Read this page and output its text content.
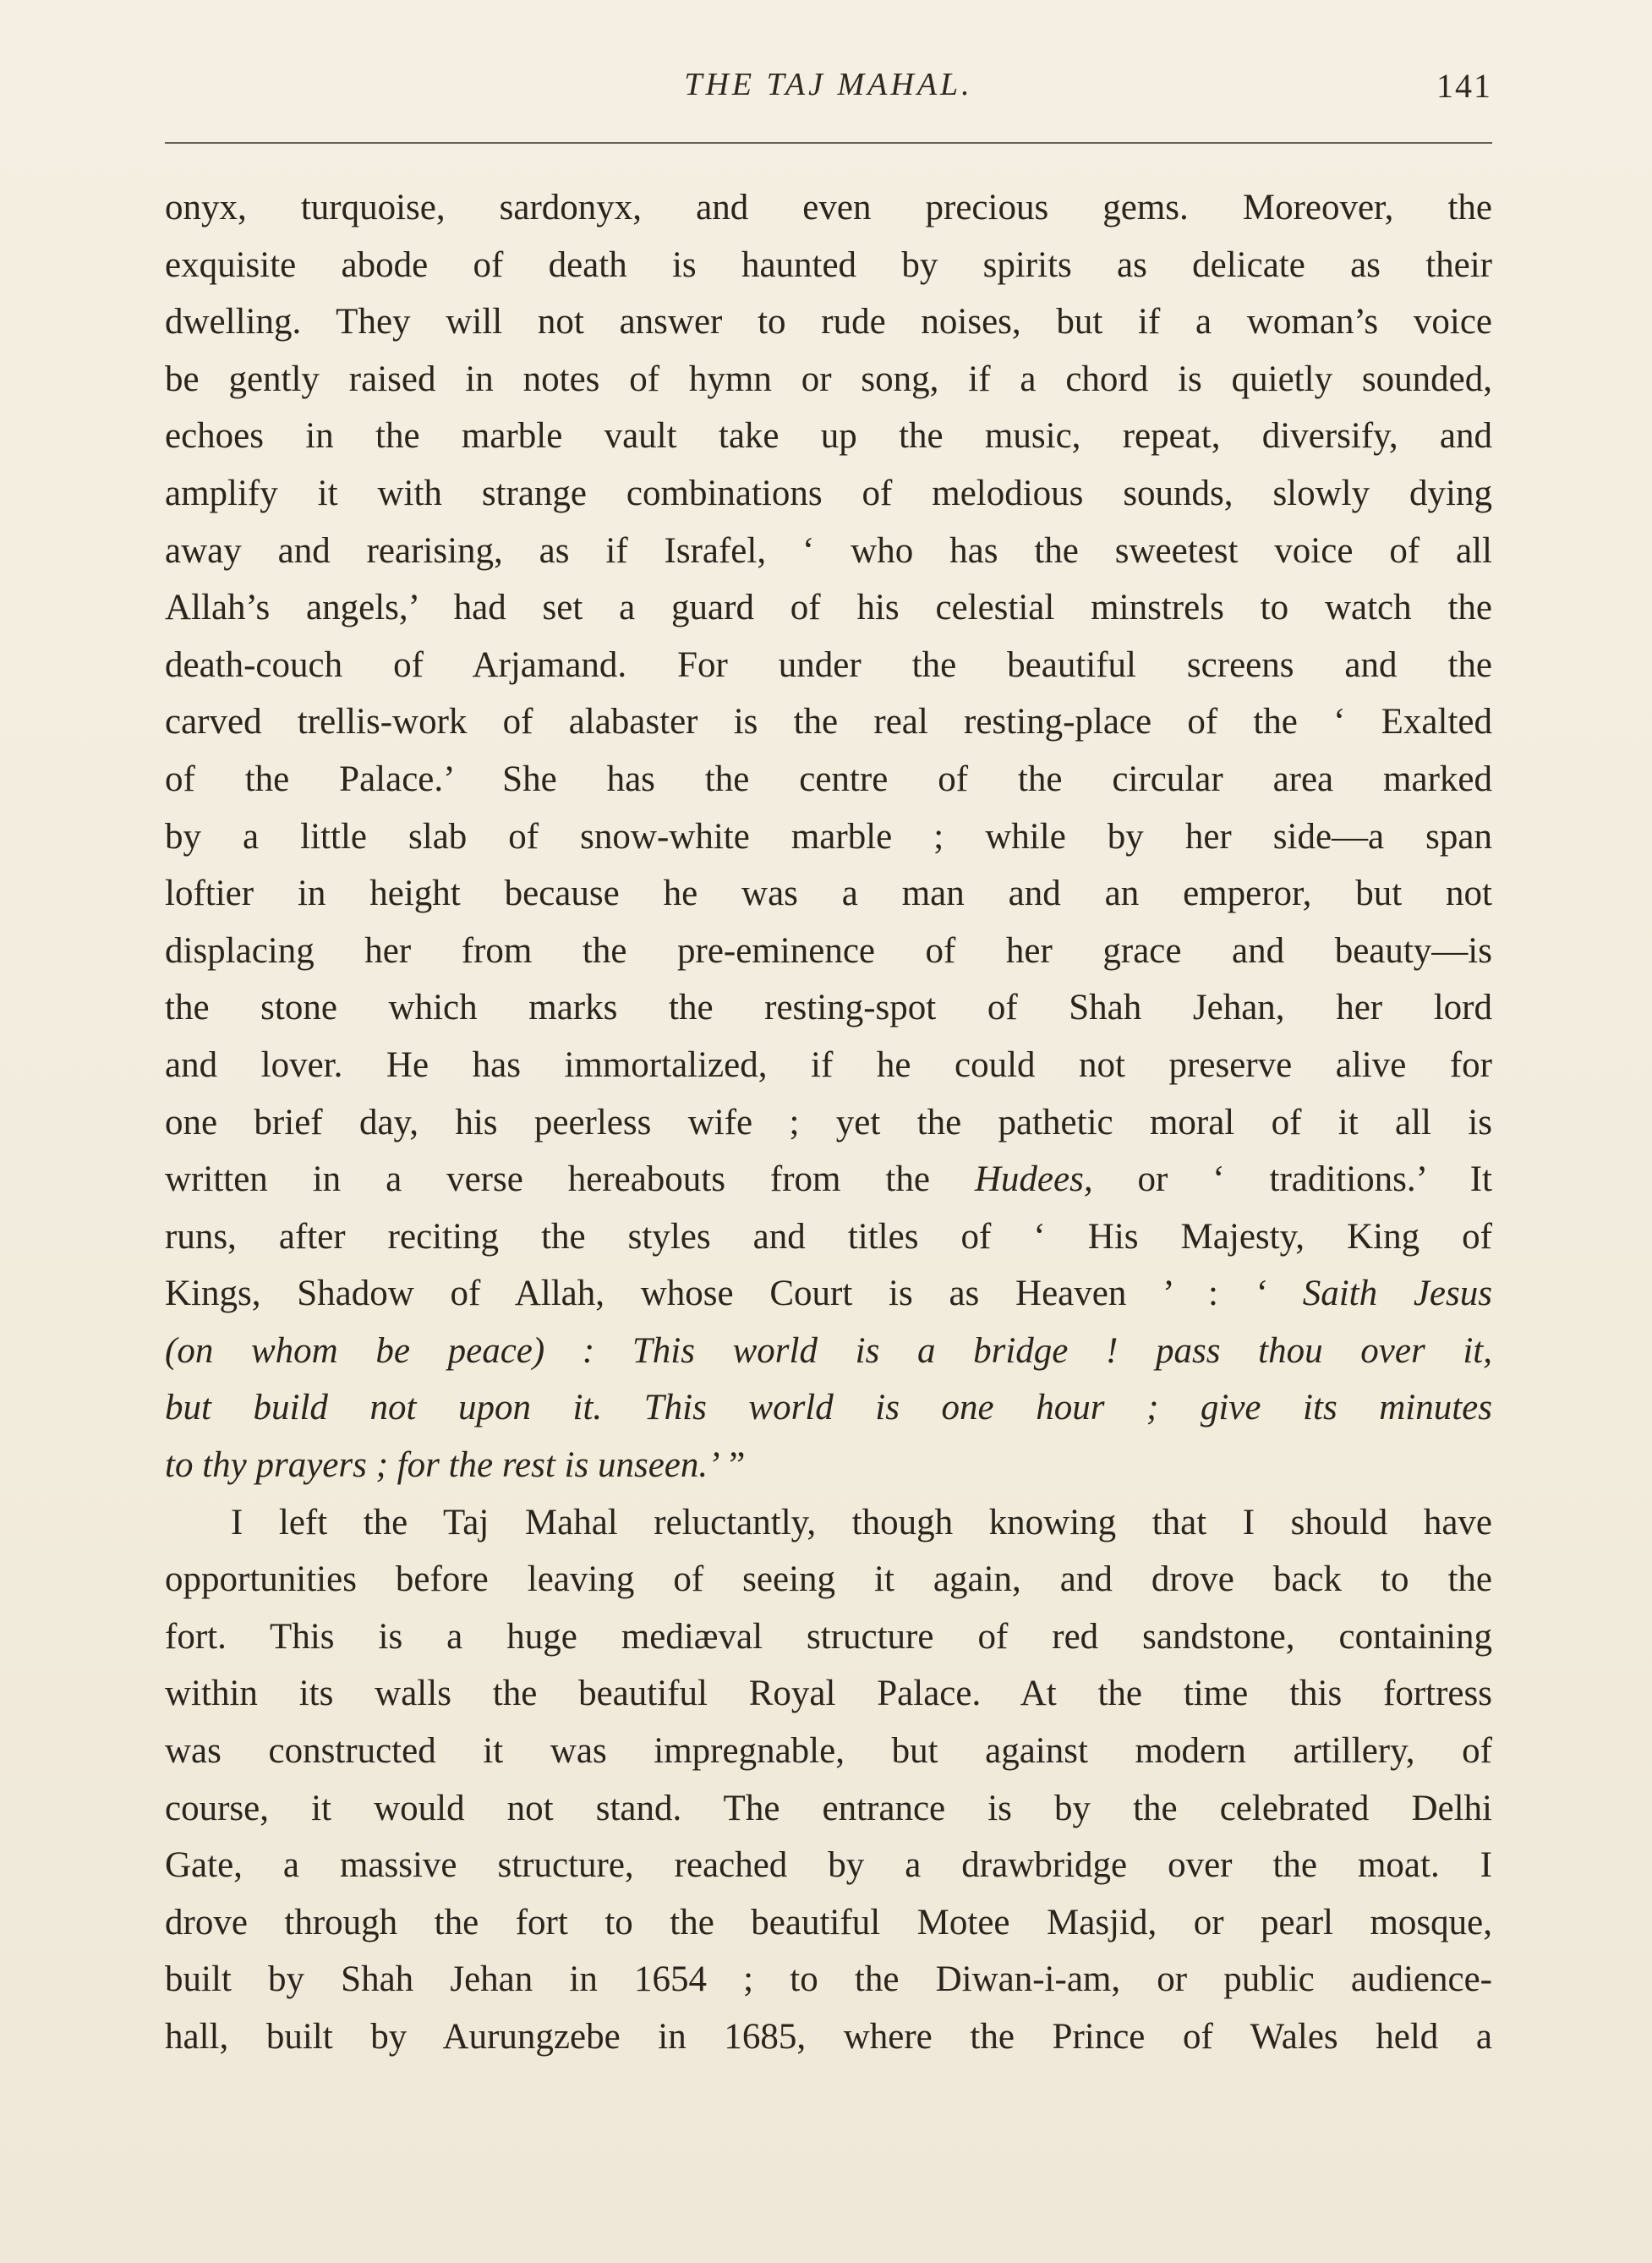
THE TAJ MAHAL.	141
onyx, turquoise, sardonyx, and even precious gems. Moreover, the
exquisite abode of death is haunted by spirits as delicate as their
dwelling. They will not answer to rude noises, but if a woman’s voice
be gently raised in notes of hymn or song, if a chord is quietly sounded,
echoes in the marble vault take up the music, repeat, diversify, and
amplify it with strange combinations of melodious sounds, slowly dying
away and rearising, as if Israfel, ‘ who has the sweetest voice of all
Allah’s angels,’ had set a guard of his celestial minstrels to watch the
death-couch of Arjamand. For under the beautiful screens and the
carved trellis-work of alabaster is the real resting-place of the ‘ Exalted
of the Palace.’ She has the centre of the circular area marked
by a little slab of snow-white marble ; while by her side—a span
loftier in height because he was a man and an emperor, but not
displacing her from the pre-eminence of her grace and beauty—is
the stone which marks the resting-spot of Shah Jehan, her lord
and lover. He has immortalized, if he could not preserve alive for
one brief day, his peerless wife ; yet the pathetic moral of it all is
written in a verse hereabouts from the Hudees, or ‘ traditions.’ It
runs, after reciting the styles and titles of ‘ His Majesty, King of
Kings, Shadow of Allah, whose Court is as Heaven ’ : ‘ Saith Jesus
(on whom be peace) : This world is a bridge ! pass thou over it,
but build not upon it. This world is one hour ; give its minutes
to thy prayers ; for the rest is unseen.’ ”
I left the Taj Mahal reluctantly, though knowing that I should have
opportunities before leaving of seeing it again, and drove back to the
fort. This is a huge mediæval structure of red sandstone, containing
within its walls the beautiful Royal Palace. At the time this fortress
was constructed it was impregnable, but against modern artillery, of
course, it would not stand. The entrance is by the celebrated Delhi
Gate, a massive structure, reached by a drawbridge over the moat. I
drove through the fort to the beautiful Motee Masjid, or pearl mosque,
built by Shah Jehan in 1654 ; to the Diwan-i-am, or public audience-
hall, built by Aurungzebe in 1685, where the Prince of Wales held a
